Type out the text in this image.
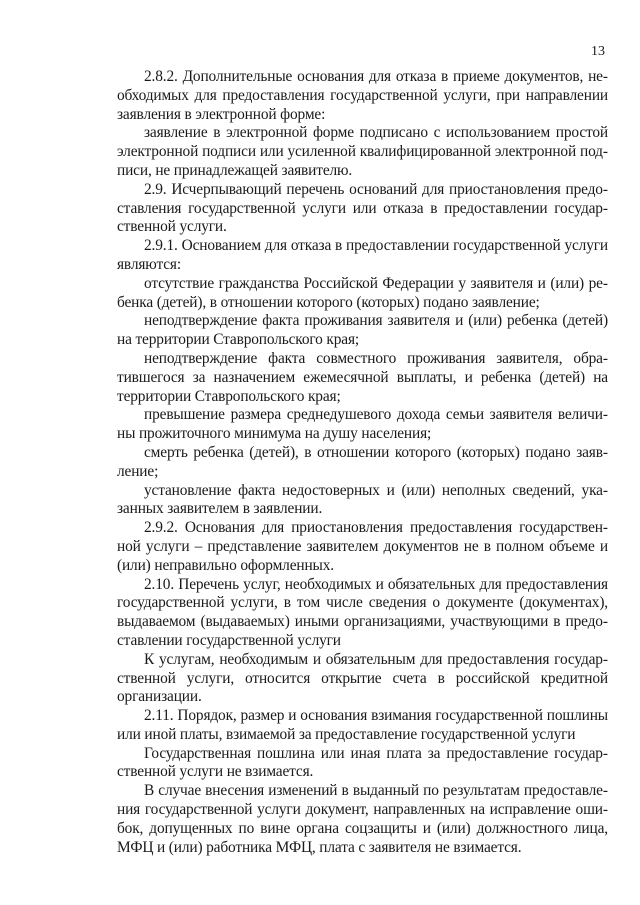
13

2.8.2. Дополнительные основания для отказа в приеме документов, необходимых для предоставления государственной услуги, при направлении заявления в электронной форме:

заявление в электронной форме подписано с использованием простой электронной подписи или усиленной квалифицированной электронной подписи, не принадлежащей заявителю.

2.9. Исчерпывающий перечень оснований для приостановления предоставления государственной услуги или отказа в предоставлении государственной услуги.

2.9.1. Основанием для отказа в предоставлении государственной услуги являются:

отсутствие гражданства Российской Федерации у заявителя и (или) ребенка (детей), в отношении которого (которых) подано заявление;

неподтверждение факта проживания заявителя и (или) ребенка (детей) на территории Ставропольского края;

неподтверждение факта совместного проживания заявителя, обратившегося за назначением ежемесячной выплаты, и ребенка (детей) на территории Ставропольского края;

превышение размера среднедушевого дохода семьи заявителя величины прожиточного минимума на душу населения;

смерть ребенка (детей), в отношении которого (которых) подано заявление;

установление факта недостоверных и (или) неполных сведений, указанных заявителем в заявлении.

2.9.2. Основания для приостановления предоставления государственной услуги – представление заявителем документов не в полном объеме и (или) неправильно оформленных.

2.10. Перечень услуг, необходимых и обязательных для предоставления государственной услуги, в том числе сведения о документе (документах), выдаваемом (выдаваемых) иными организациями, участвующими в предоставлении государственной услуги

К услугам, необходимым и обязательным для предоставления государственной услуги, относится открытие счета в российской кредитной организации.

2.11. Порядок, размер и основания взимания государственной пошлины или иной платы, взимаемой за предоставление государственной услуги

Государственная пошлина или иная плата за предоставление государственной услуги не взимается.

В случае внесения изменений в выданный по результатам предоставления государственной услуги документ, направленных на исправление ошибок, допущенных по вине органа соцзащиты и (или) должностного лица, МФЦ и (или) работника МФЦ, плата с заявителя не взимается.
